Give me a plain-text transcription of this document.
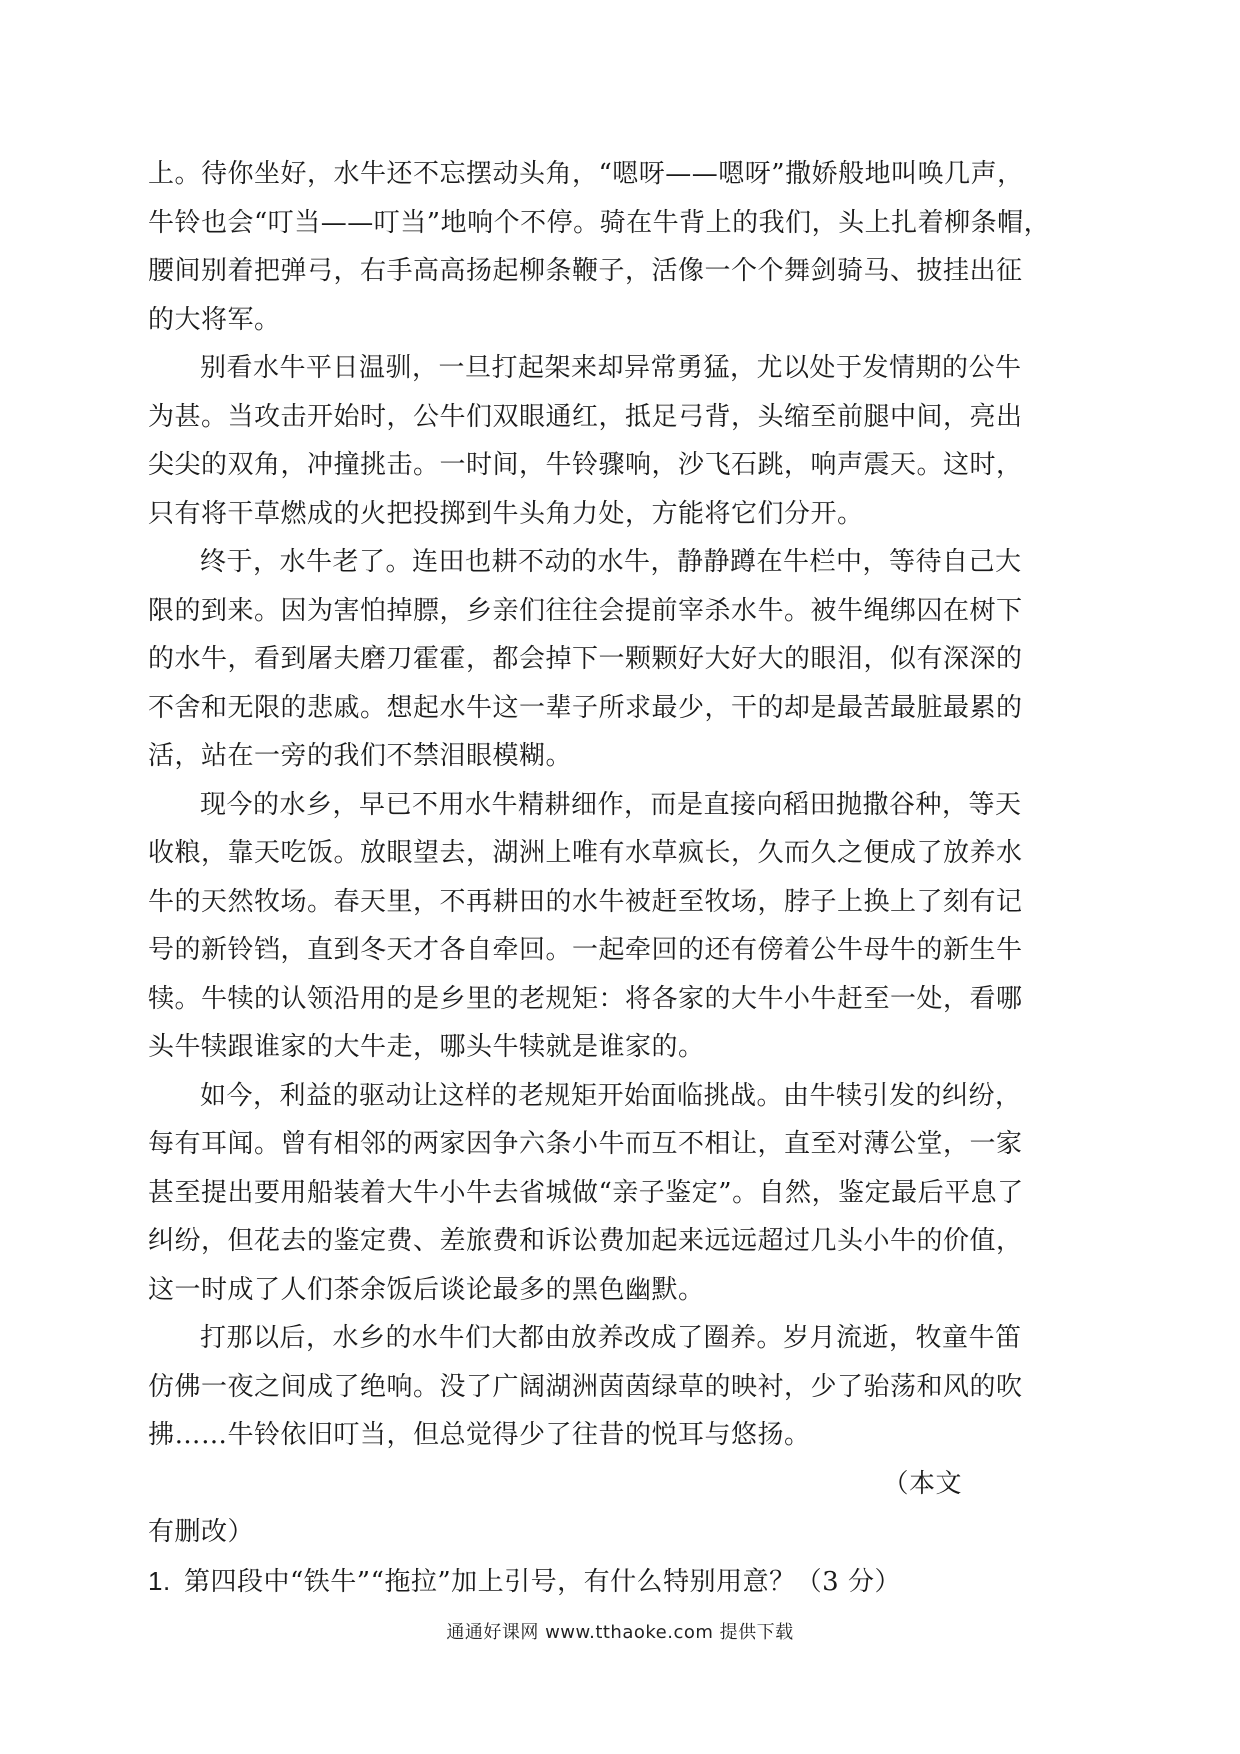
上。待你坐好，水牛还不忘摆动头角，“嗯呀——嗯呀”撒娇般地叫唤几声，
牛铃也会“叮当——叮当”地响个不停。骑在牛背上的我们，头上扎着柳条帽，
腰间别着把弹弓，右手高高扬起柳条鞭子，活像一个个舞剑骑马、披挂出征
的大将军。
别看水牛平日温驯，一旦打起架来却异常勇猛，尤以处于发情期的公牛
为甚。当攻击开始时，公牛们双眼通红，抵足弓背，头缩至前腿中间，亮出
尖尖的双角，冲撞挑击。一时间，牛铃骤响，沙飞石跳，响声震天。这时，
只有将干草燃成的火把投掷到牛头角力处，方能将它们分开。
终于，水牛老了。连田也耕不动的水牛，静静蹲在牛栏中，等待自己大
限的到来。因为害怕掉膘，乡亲们往往会提前宰杀水牛。被牛绳绑囚在树下
的水牛，看到屠夫磨刀霍霍，都会掉下一颗颗好大好大的眼泪，似有深深的
不舍和无限的悲戚。想起水牛这一辈子所求最少，干的却是最苦最脏最累的
活，站在一旁的我们不禁泪眼模糊。
现今的水乡，早已不用水牛精耕细作，而是直接向稻田抛撒谷种，等天
收粮，靠天吃饭。放眼望去，湖洲上唯有水草疯长，久而久之便成了放养水
牛的天然牧场。春天里，不再耕田的水牛被赶至牧场，脖子上换上了刻有记
号的新铃铛，直到冬天才各自牵回。一起牵回的还有傍着公牛母牛的新生牛
犊。牛犊的认领沿用的是乡里的老规矩：将各家的大牛小牛赶至一处，看哪
头牛犊跟谁家的大牛走，哪头牛犊就是谁家的。
如今，利益的驱动让这样的老规矩开始面临挑战。由牛犊引发的纠纷，
每有耳闻。曾有相邻的两家因争六条小牛而互不相让，直至对薄公堂，一家
甚至提出要用船装着大牛小牛去省城做“亲子鉴定”。自然，鉴定最后平息了
纠纷，但花去的鉴定费、差旅费和诉讼费加起来远远超过几头小牛的价值，
这一时成了人们茶余饭后谈论最多的黑色幽默。
打那以后，水乡的水牛们大都由放养改成了圈养。岁月流逝，牧童牛笛
仿佛一夜之间成了绝响。没了广阔湖洲茵茵绿草的映衬，少了骀荡和风的吹
拂……牛铃依旧叮当，但总觉得少了往昔的悦耳与悠扬。
（本文
有删改）
1. 第四段中“铁牛”“拖拉”加上引号，有什么特别用意？（3 分）
通通好课网 www.tthaoke.com 提供下载
